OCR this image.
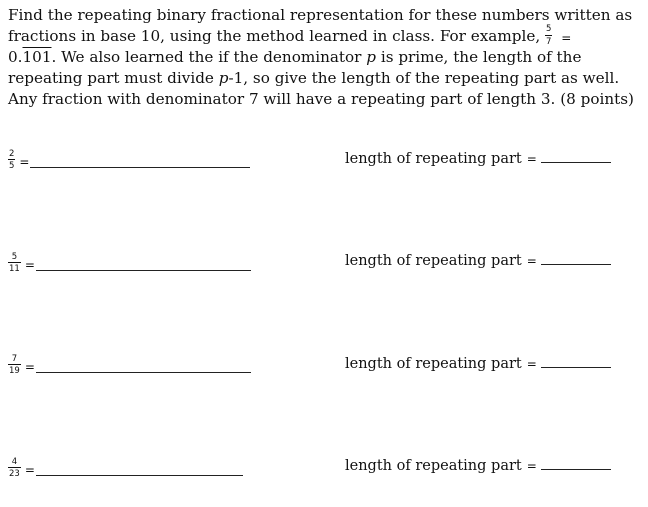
Find the repeating binary fractional representation for these numbers written as fractions in base 10, using the method learned in class. For example, $\frac{5}{7}$ =
0.101. We also learned the if the denominator p is prime, the length of the repeating part must divide p-1, so give the length of the repeating part as well. Any fraction with denominator 7 will have a repeating part of length 3. (8 points)
$\frac{2}{5}$ =	length of repeating part =
$\frac{5}{11}$ =	length of repeating part =
$\frac{7}{19}$ =	length of repeating part =
$\frac{4}{23}$ =	length of repeating part =
